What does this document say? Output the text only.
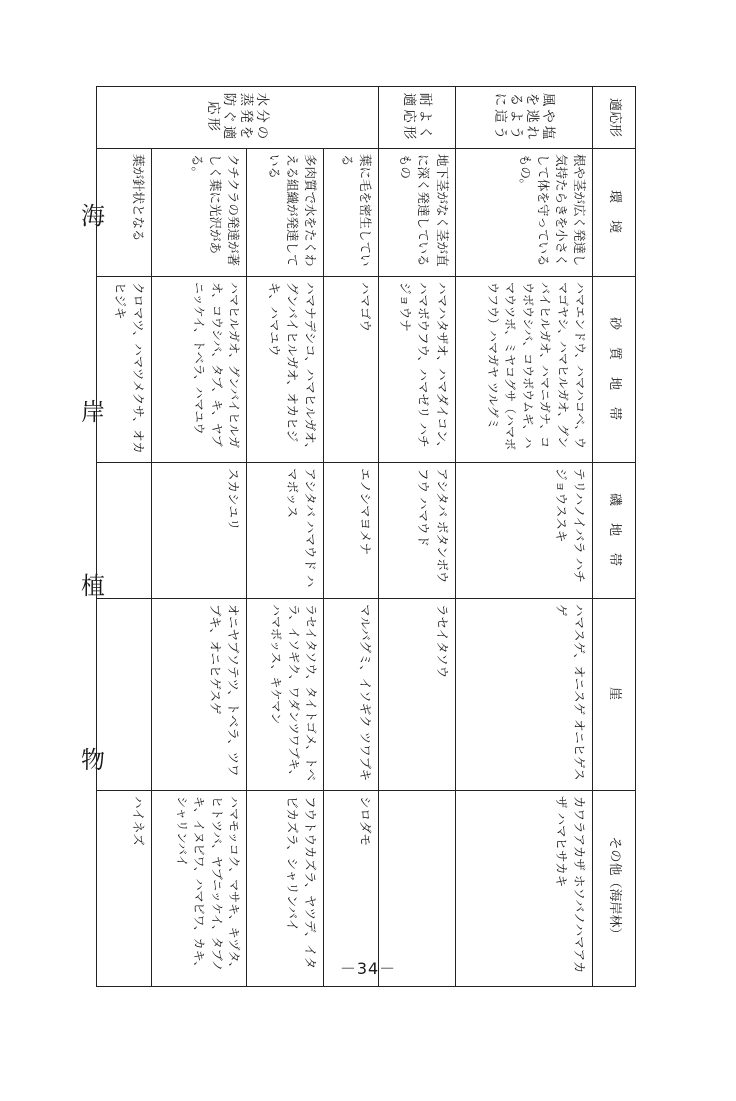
海
岸
植
物
適応形	環　境	砂　質　地　帯	磯　地　帯	崖	その他（海岸林）
風や塩を逃れるように這う	根や茎が広く発達し気持たらきを小さくして体を守っているもの。	ハマエンドウ、ハマハコベ、ウマゴヤシ、ハマヒルガオ、グンバイヒルガオ、ハマニガナ、コウボウシバ、コウボウムギ、ハマウツボ、ミヤコグサ（ハマボウフウ）ハマガヤ ツルグミ	テリハノイバラ ハチジョウススキ	ハマスゲ、オニスゲ オニヒゲスゲ	カワラアカザ ホソバノハマアカザ ハマヒサカキ
耐よく適応形	地下茎がなく茎が直に深く発達しているもの	ハマハタザオ、ハマダイコン、ハマボウフウ、ハマゼリ ハチジョウナ	アシタバ ボタンボウフウ ハマウド	ラセイタソウ	
水分の蒸発を防ぐ適応形	葉に毛を密生している	ハマゴウ	エノシマヨメナ	マルバグミ、イソギク ツワブキ	シロダモ
	多肉質で水をたくわえる組織が発達している	ハマナデシコ、ハマヒルガオ、グンバイヒルガオ、オカヒジキ、ハマユウ	アシタバ ハマウド ハマボッス	ラセイタソウ、タイトゴメ、トベラ、イソギク、ワダンツワブキ、ハマボッス、キケマン	フウトウカズラ、ヤツデ、イタビカズラ、シャリンバイ
	クチクラの発達が著しく葉に光沢がある。	ハマヒルガオ、グンバイヒルガオ、コウシバ、タブ、キ、ヤブニッケイ、トベラ、ハマユウ	スカシユリ	オニヤブソテツ、トベラ、ツワブキ、オニヒゲスゲ	ハマモッコク、マサキ、キヅタ、ヒトツバ、ヤブニッケイ、タブノキ、イヌビワ、ハマビワ、カキ、シャリンバイ
	葉が針状となる	クロマツ、ハマツメクサ、オカヒジキ			ハイネズ
－34－
